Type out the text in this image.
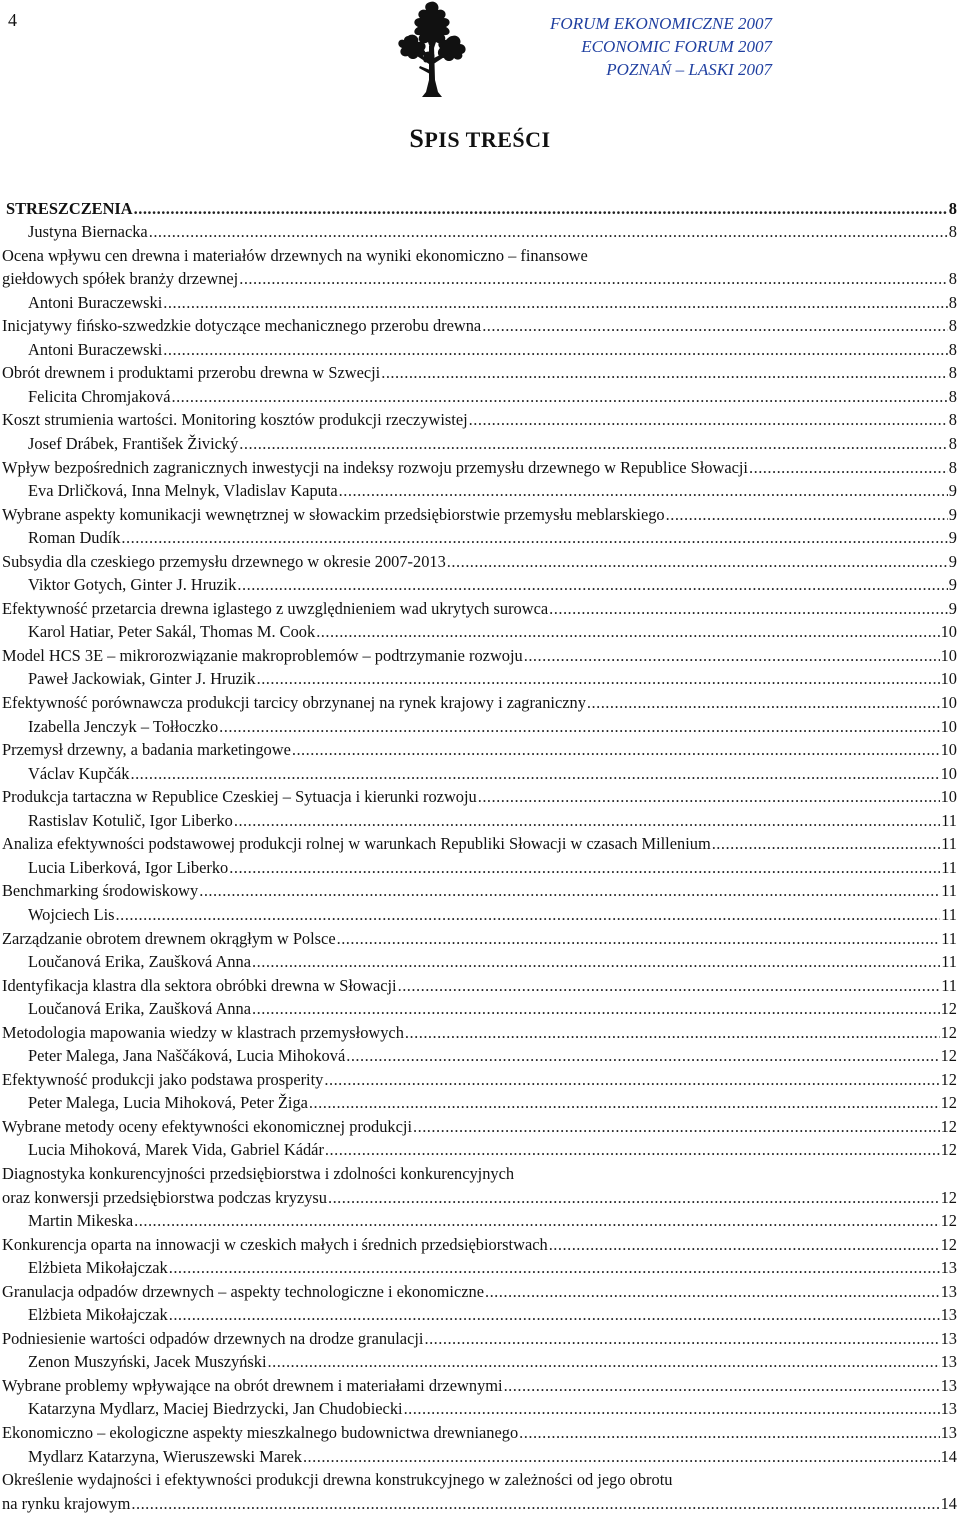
4	FORUM EKONOMICZNE 2007
ECONOMIC FORUM 2007
POZNAŃ – LASKI 2007
SPIS TREŚCI
STRESZCZENIA .....	8
Justyna Biernacka .....	8
Ocena wpływu cen drewna i materiałów drzewnych na wyniki ekonomiczno – finansowe
giełdowych spółek branży drzewnej .....	8
Antoni Buraczewski .....	8
Inicjatywy fińsko-szwedzkie dotyczące mechanicznego przerobu drewna .....	8
Antoni Buraczewski .....	8
Obrót drewnem i produktami przerobu drewna w Szwecji .....	8
Felicita Chromjaková .....	8
Koszt strumienia wartości. Monitoring kosztów produkcji rzeczywistej .....	8
Josef Drábek, František Živický .....	8
Wpływ bezpośrednich zagranicznych inwestycji na indeksy rozwoju przemysłu drzewnego w Republice Słowacji .....	8
Eva Drličková, Inna Melnyk, Vladislav Kaputa .....	9
Wybrane aspekty komunikacji wewnętrznej w słowackim przedsiębiorstwie przemysłu meblarskiego .....	9
Roman Dudík .....	9
Subsydia dla czeskiego przemysłu drzewnego w okresie 2007-2013 .....	9
Viktor Gotych, Ginter J. Hruzik .....	9
Efektywność przetarcia drewna iglastego z uwzględnieniem wad ukrytych surowca .....	9
Karol Hatiar, Peter Sakál, Thomas M. Cook .....	10
Model HCS 3E – mikrorozwiązanie makroproblemów – podtrzymanie rozwoju .....	10
Paweł Jackowiak, Ginter J. Hruzik .....	10
Efektywność porównawcza produkcji tarcicy obrzynanej na rynek krajowy i zagraniczny .....	10
Izabella Jenczyk – Tołłoczko .....	10
Przemysł drzewny, a badania marketingowe .....	10
Václav Kupčák .....	10
Produkcja tartaczna w Republice Czeskiej – Sytuacja i kierunki rozwoju .....	10
Rastislav Kotulič, Igor Liberko .....	11
Analiza efektywności podstawowej produkcji rolnej w warunkach Republiki Słowacji w czasach Millenium .....	11
Lucia Liberková, Igor Liberko .....	11
Benchmarking środowiskowy .....	11
Wojciech Lis .....	11
Zarządzanie obrotem drewnem okrągłym w Polsce .....	11
Loučanová Erika, Zaušková Anna .....	11
Identyfikacja klastra dla sektora obróbki drewna w Słowacji .....	11
Loučanová Erika, Zaušková Anna .....	12
Metodologia mapowania wiedzy w klastrach przemysłowych .....	12
Peter Malega, Jana Naščáková, Lucia Mihoková .....	12
Efektywność produkcji jako podstawa prosperity .....	12
Peter Malega, Lucia Mihoková, Peter Žiga .....	12
Wybrane metody oceny efektywności ekonomicznej produkcji .....	12
Lucia Mihoková, Marek Vida, Gabriel Kádár .....	12
Diagnostyka konkurencyjności przedsiębiorstwa i zdolności konkurencyjnych
oraz konwersji przedsiębiorstwa podczas kryzysu .....	12
Martin Mikeska .....	12
Konkurencja oparta na innowacji w czeskich małych i średnich przedsiębiorstwach .....	12
Elżbieta Mikołajczak .....	13
Granulacja odpadów drzewnych – aspekty technologiczne i ekonomiczne .....	13
Elżbieta Mikołajczak .....	13
Podniesienie wartości odpadów drzewnych na drodze granulacji .....	13
Zenon Muszyński, Jacek Muszyński .....	13
Wybrane problemy wpływające na obrót drewnem i materiałami drzewnymi .....	13
Katarzyna Mydlarz, Maciej Biedrzycki, Jan Chudobiecki .....	13
Ekonomiczno – ekologiczne aspekty mieszkalnego budownictwa drewnianego .....	13
Mydlarz Katarzyna, Wieruszewski Marek .....	14
Określenie wydajności i efektywności produkcji drewna konstrukcyjnego w zależności od jego obrotu
na rynku krajowym .....	14
